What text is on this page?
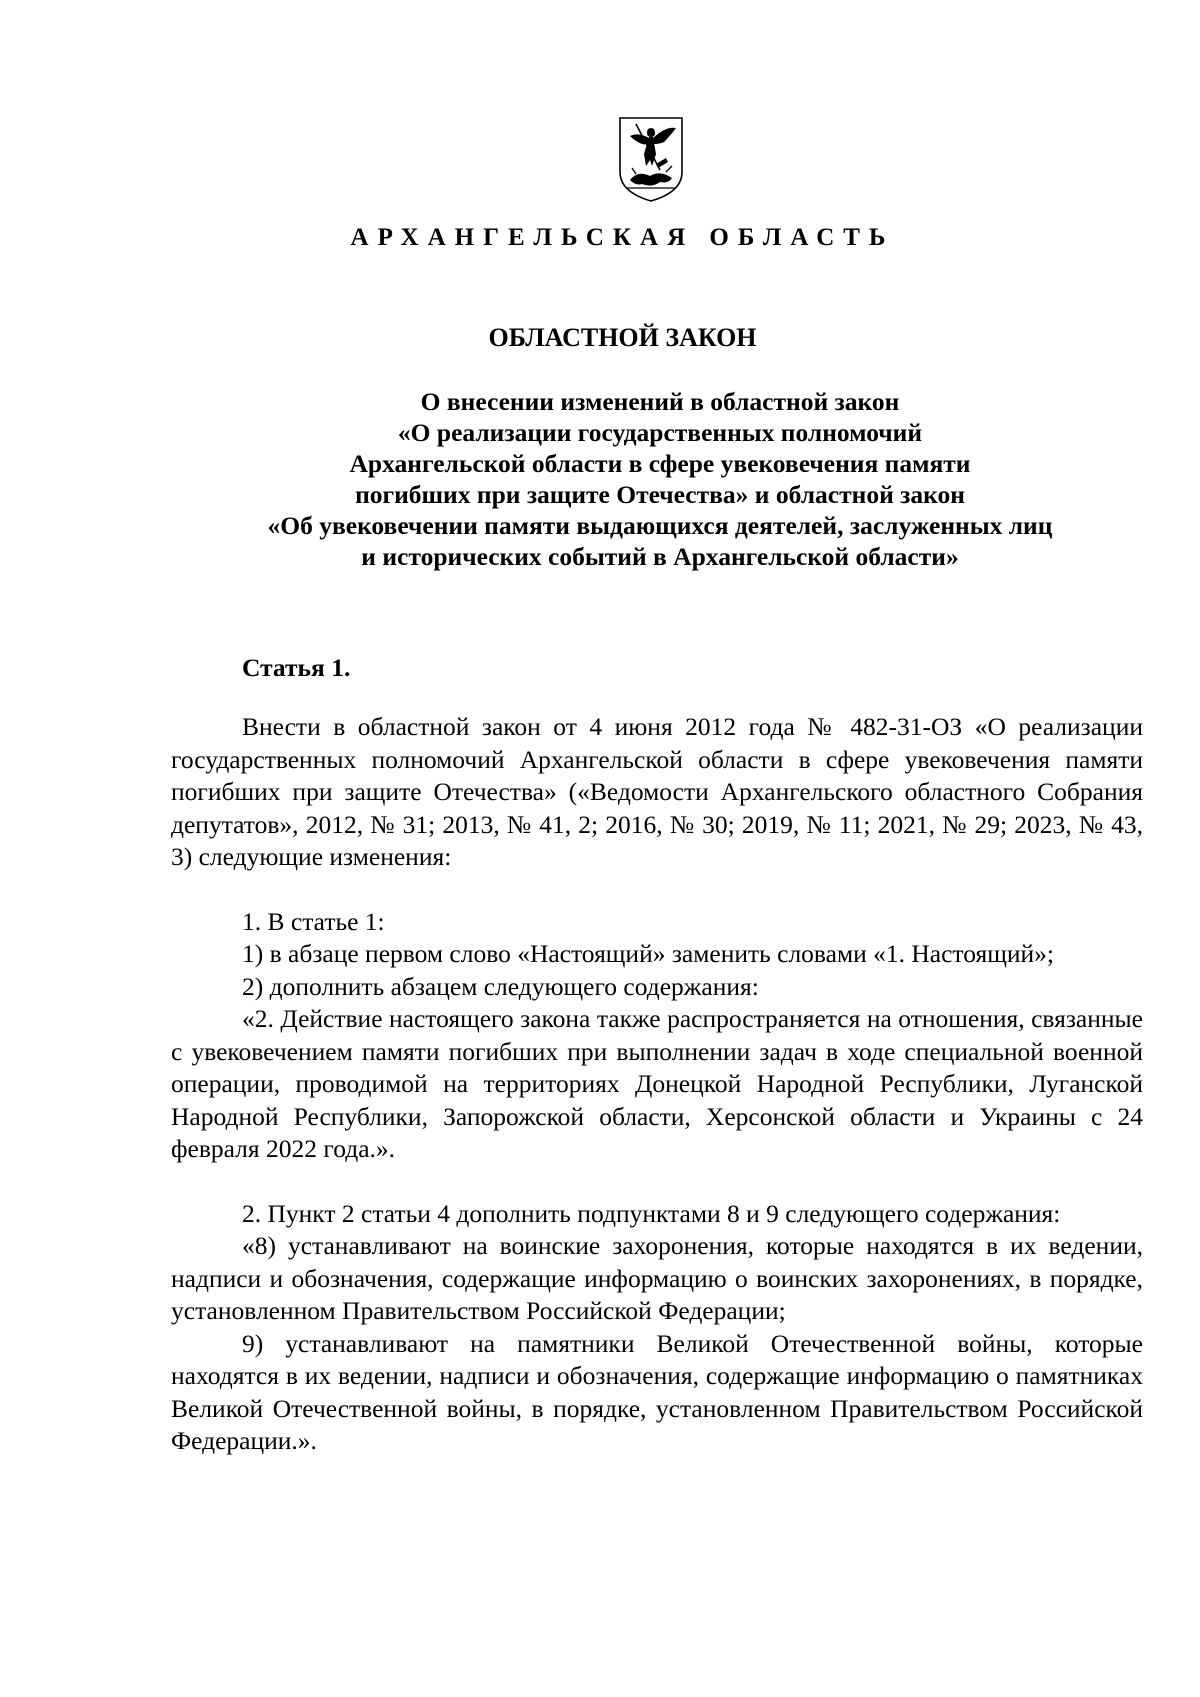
АРХАНГЕЛЬСКАЯ ОБЛАСТЬ
ОБЛАСТНОЙ ЗАКОН
О внесении изменений в областной закон
«О реализации государственных полномочий
Архангельской области в сфере увековечения памяти
погибших при защите Отечества» и областной закон
«Об увековечении памяти выдающихся деятелей, заслуженных лиц
и исторических событий в Архангельской области»
Статья 1.

Внести в областной закон от 4 июня 2012 года № 482-31-ОЗ «О реализации государственных полномочий Архангельской области в сфере увековечения памяти погибших при защите Отечества» («Ведомости Архангельского областного Собрания депутатов», 2012, № 31; 2013, № 41, 2; 2016, № 30; 2019, № 11; 2021, № 29; 2023, № 43, 3) следующие изменения:

1. В статье 1:

1) в абзаце первом слово «Настоящий» заменить словами «1. Настоящий»;

2) дополнить абзацем следующего содержания:

«2. Действие настоящего закона также распространяется на отношения, связанные с увековечением памяти погибших при выполнении задач в ходе специальной военной операции, проводимой на территориях Донецкой Народной Республики, Луганской Народной Республики, Запорожской области, Херсонской области и Украины с 24 февраля 2022 года.».

2. Пункт 2 статьи 4 дополнить подпунктами 8 и 9 следующего содержания:

«8) устанавливают на воинские захоронения, которые находятся в их ведении, надписи и обозначения, содержащие информацию о воинских захоронениях, в порядке, установленном Правительством Российской Федерации;

9) устанавливают на памятники Великой Отечественной войны, которые находятся в их ведении, надписи и обозначения, содержащие информацию о памятниках Великой Отечественной войны, в порядке, установленном Правительством Российской Федерации.».
